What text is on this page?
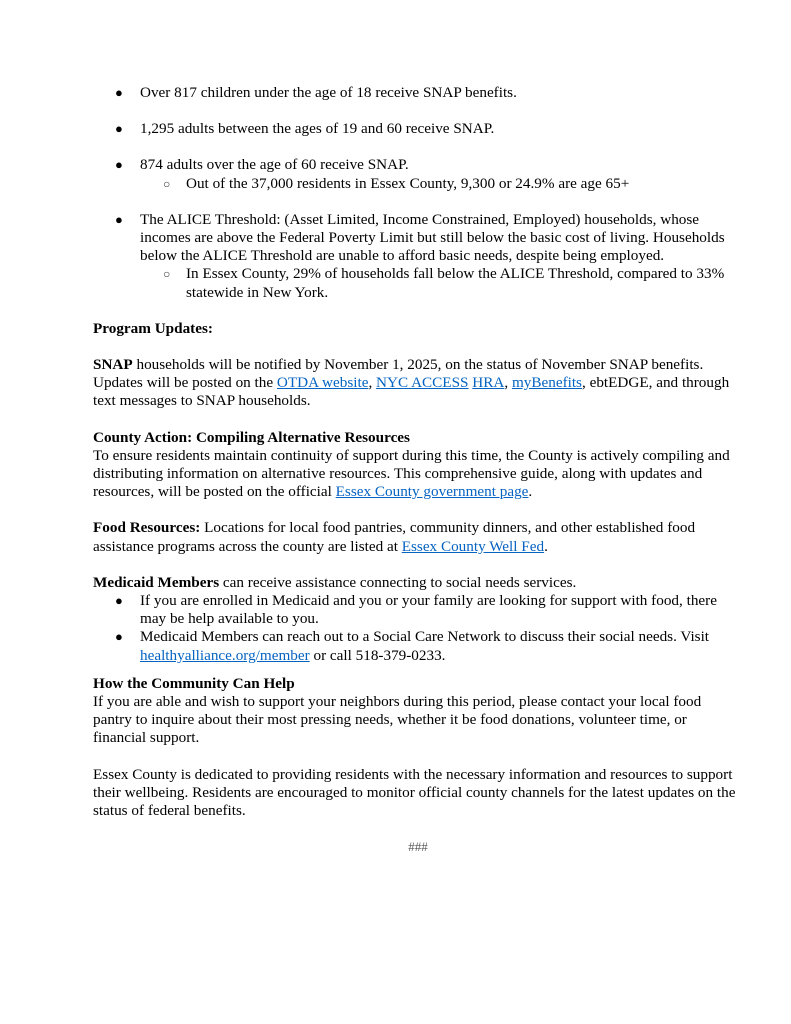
● Over 817 children under the age of 18 receive SNAP benefits.
● 1,295 adults between the ages of 19 and 60 receive SNAP.
● 874 adults over the age of 60 receive SNAP.
○ Out of the 37,000 residents in Essex County, 9,300 or 24.9% are age 65+
● The ALICE Threshold: (Asset Limited, Income Constrained, Employed) households, whose incomes are above the Federal Poverty Limit but still below the basic cost of living. Households below the ALICE Threshold are unable to afford basic needs, despite being employed.
○ In Essex County, 29% of households fall below the ALICE Threshold, compared to 33% statewide in New York.

Program Updates:

SNAP households will be notified by November 1, 2025, on the status of November SNAP benefits. Updates will be posted on the OTDA website, NYC ACCESS HRA, myBenefits, ebtEDGE, and through text messages to SNAP households.

County Action: Compiling Alternative Resources

To ensure residents maintain continuity of support during this time, the County is actively compiling and distributing information on alternative resources. This comprehensive guide, along with updates and resources, will be posted on the official Essex County government page.

Food Resources: Locations for local food pantries, community dinners, and other established food assistance programs across the county are listed at Essex County Well Fed.

Medicaid Members can receive assistance connecting to social needs services.

● If you are enrolled in Medicaid and you or your family are looking for support with food, there may be help available to you.
● Medicaid Members can reach out to a Social Care Network to discuss their social needs. Visit healthyalliance.org/member or call 518-379-0233.

How the Community Can Help

If you are able and wish to support your neighbors during this period, please contact your local food pantry to inquire about their most pressing needs, whether it be food donations, volunteer time, or financial support.

Essex County is dedicated to providing residents with the necessary information and resources to support their wellbeing. Residents are encouraged to monitor official county channels for the latest updates on the status of federal benefits.

###
